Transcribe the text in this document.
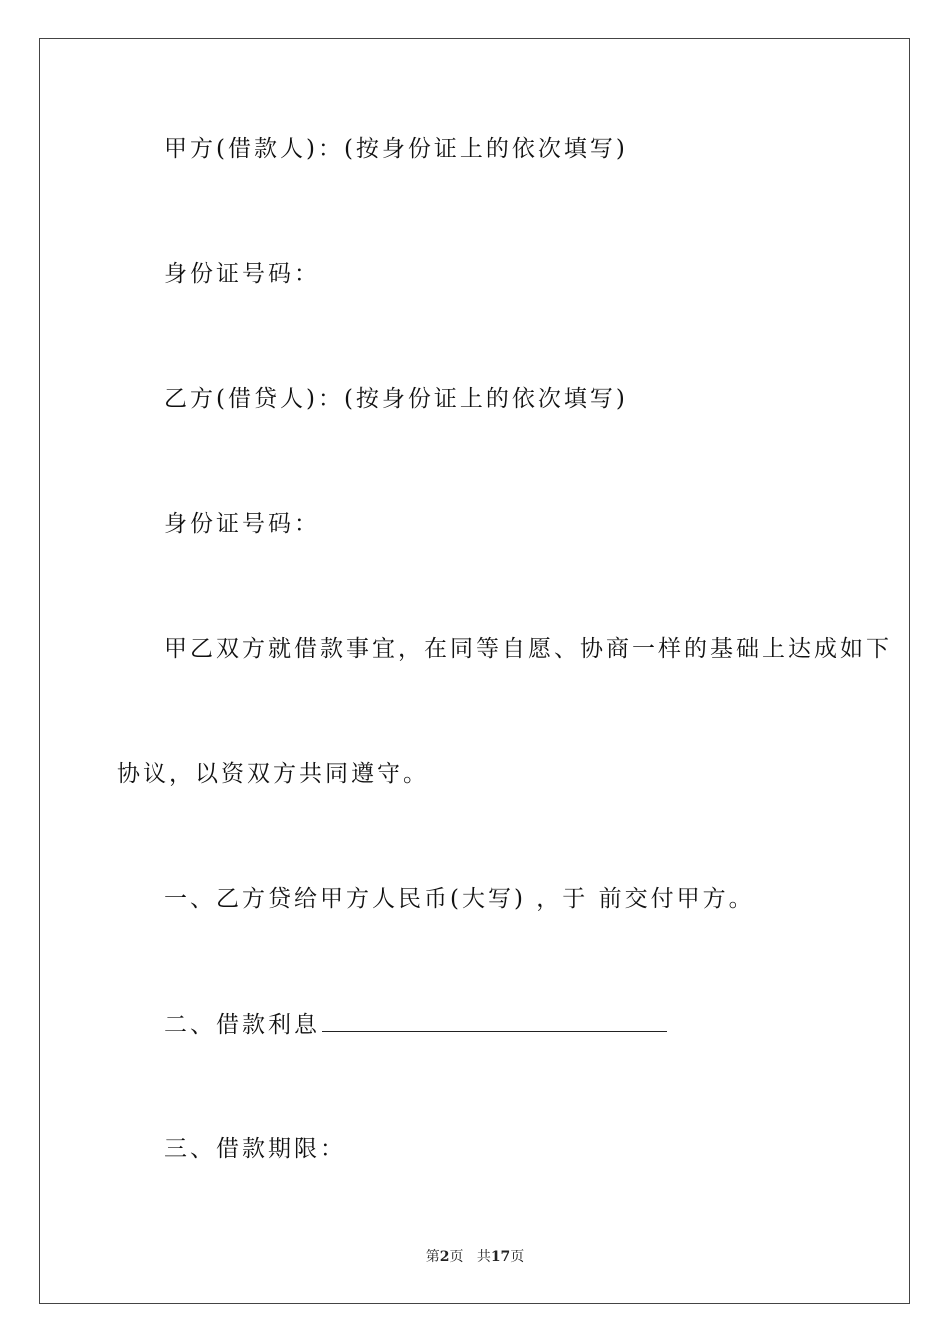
甲方(借款人)：(按身份证上的依次填写)
身份证号码：
乙方(借贷人)：(按身份证上的依次填写)
身份证号码：
甲乙双方就借款事宜，在同等自愿、协商一样的基础上达成如下
协议，以资双方共同遵守。
一、乙方贷给甲方人民币(大写) ，于 前交付甲方。
二、借款利息
三、借款期限：
第2页 共17页
